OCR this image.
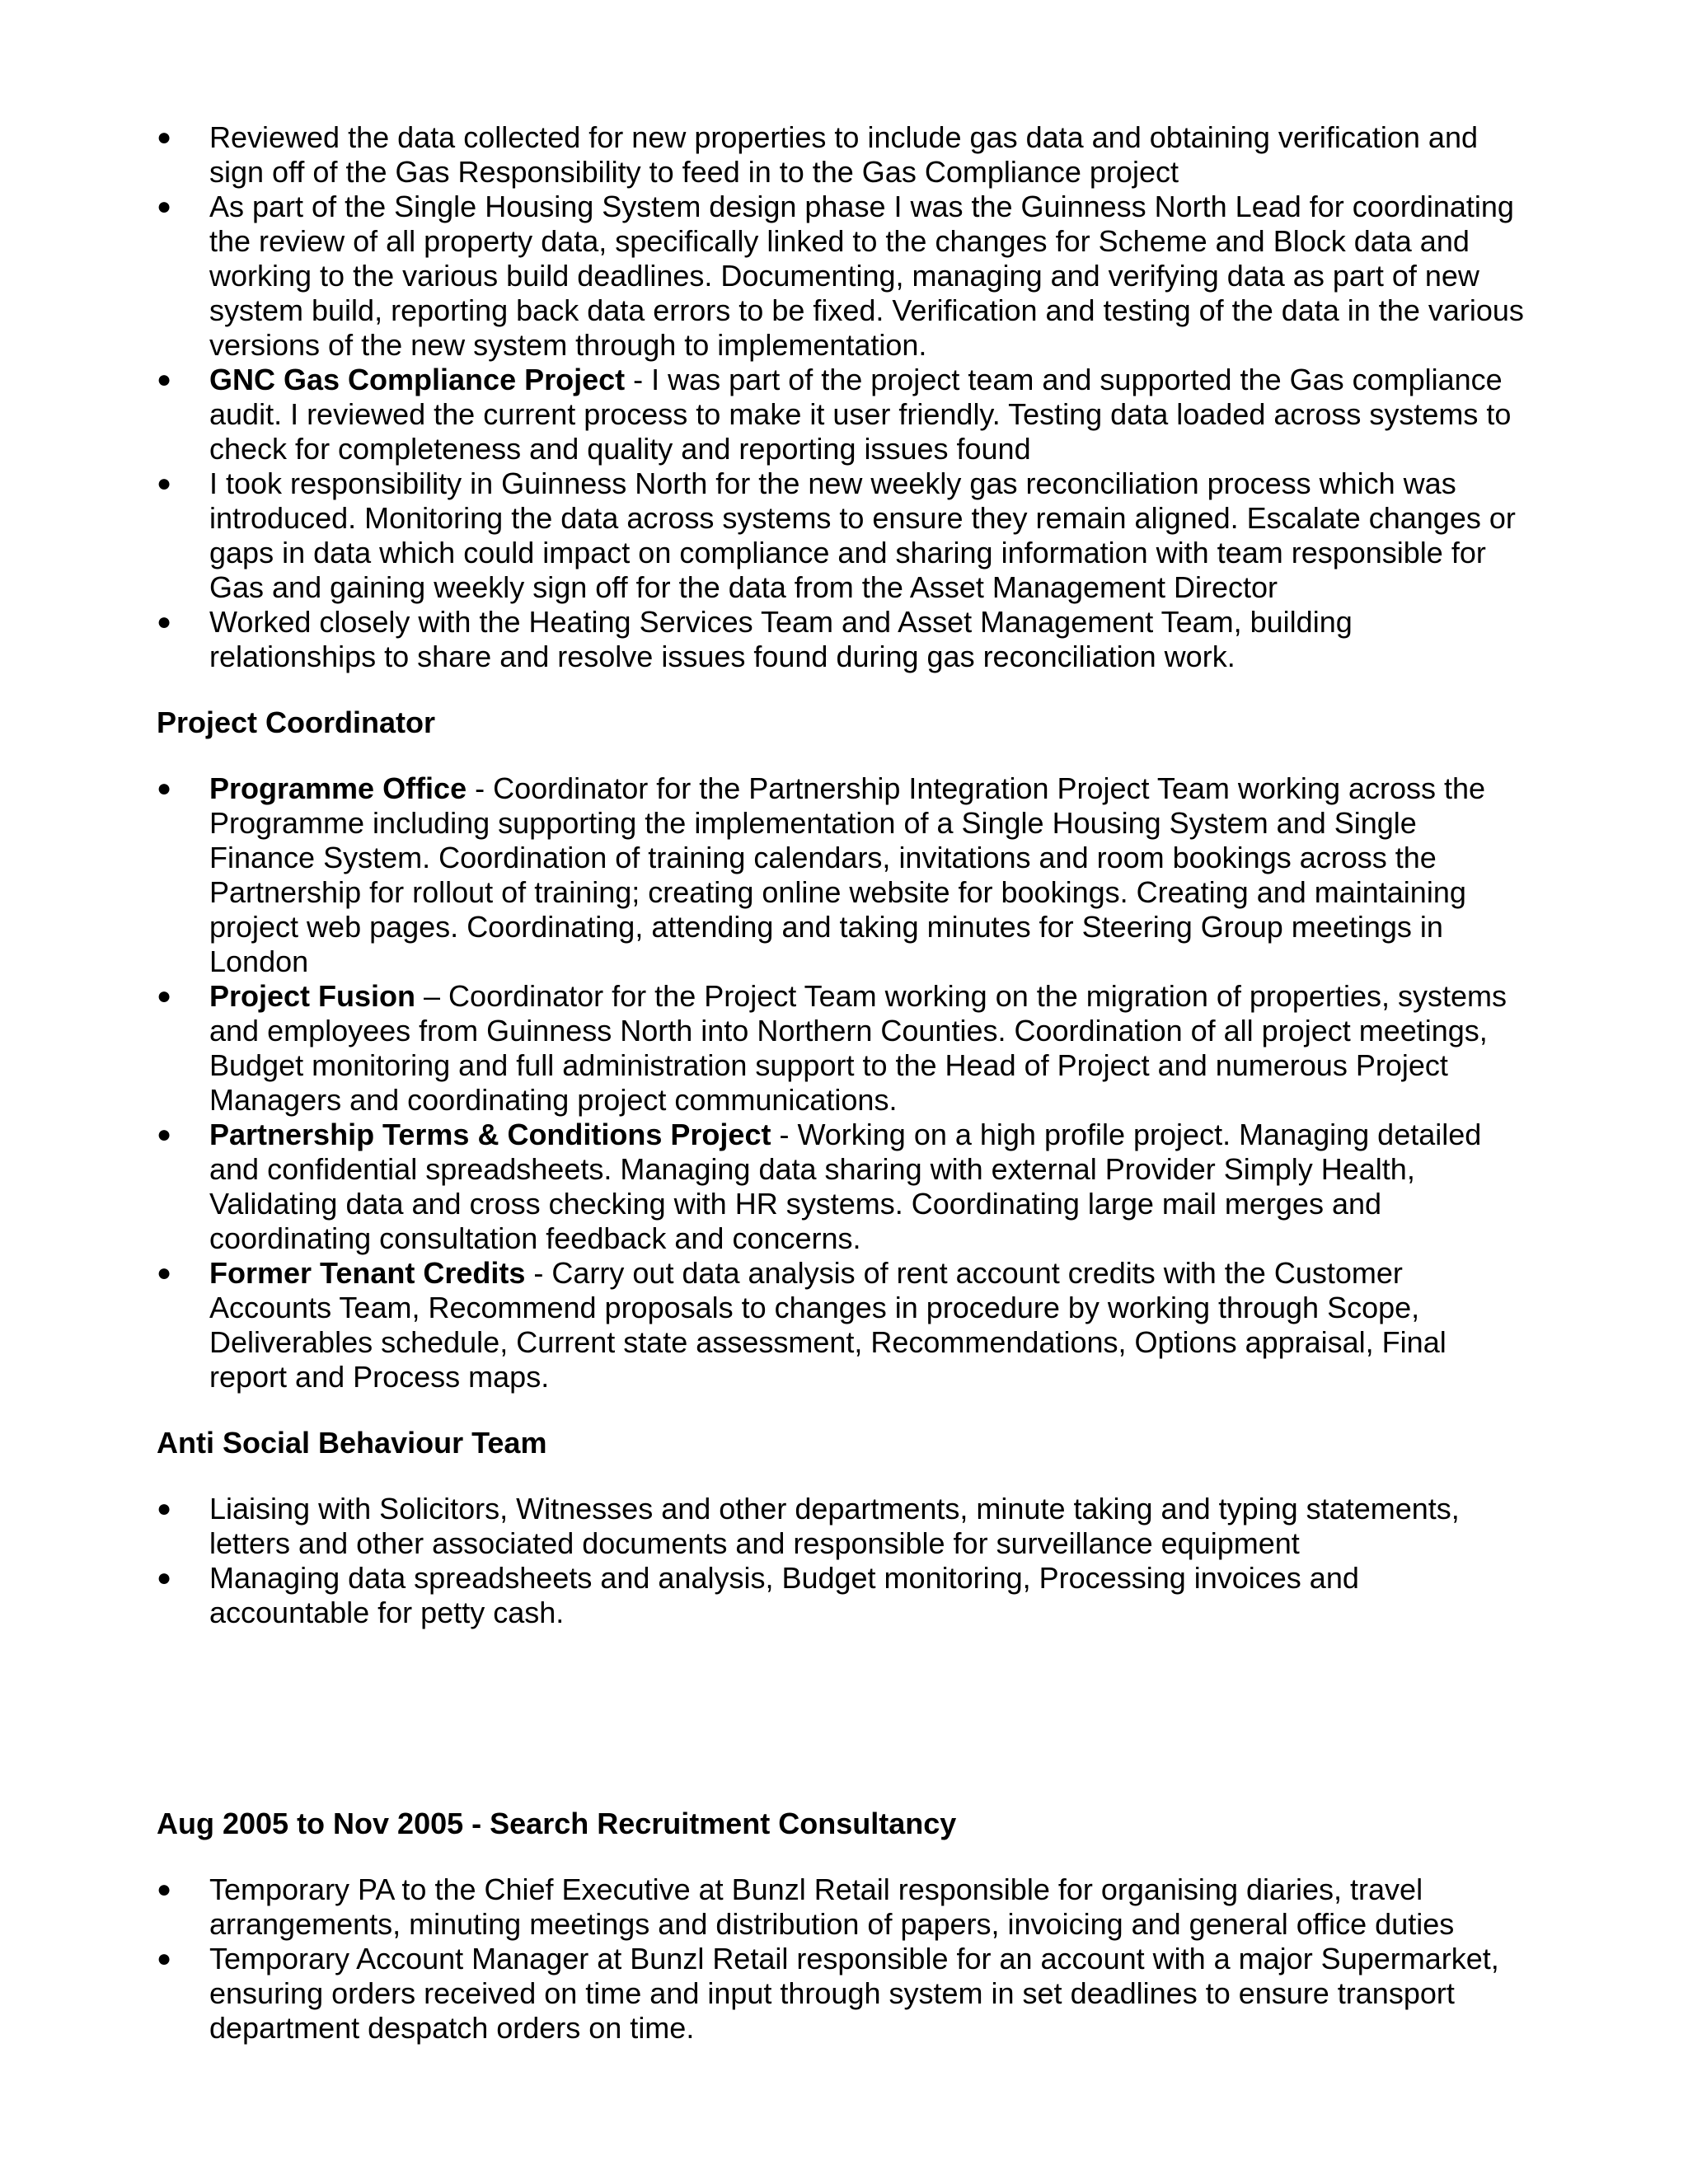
●	Reviewed the data collected for new properties to include gas data and obtaining verification and sign off of the Gas Responsibility to feed in to the Gas Compliance project
●	As part of the Single Housing System design phase I was the Guinness North Lead for coordinating the review of all property data, specifically linked to the changes for Scheme and Block data and working to the various build deadlines. Documenting, managing and verifying data as part of new system build, reporting back data errors to be fixed. Verification and testing of the data in the various versions of the new system through to implementation.
●	GNC Gas Compliance Project - I was part of the project team and supported the Gas compliance audit. I reviewed the current process to make it user friendly. Testing data loaded across systems to check for completeness and quality and reporting issues found
●	I took responsibility in Guinness North for the new weekly gas reconciliation process which was introduced. Monitoring the data across systems to ensure they remain aligned. Escalate changes or gaps in data which could impact on compliance and sharing information with team responsible for Gas and gaining weekly sign off for the data from the Asset Management Director
●	Worked closely with the Heating Services Team and Asset Management Team, building relationships to share and resolve issues found during gas reconciliation work.
Project Coordinator
●	Programme Office - Coordinator for the Partnership Integration Project Team working across the Programme including supporting the implementation of a Single Housing System and Single Finance System. Coordination of training calendars, invitations and room bookings across the Partnership for rollout of training; creating online website for bookings. Creating and maintaining project web pages. Coordinating, attending and taking minutes for Steering Group meetings in London
●	Project Fusion – Coordinator for the Project Team working on the migration of properties, systems and employees from Guinness North into Northern Counties. Coordination of all project meetings, Budget monitoring and full administration support to the Head of Project and numerous Project Managers and coordinating project communications.
●	Partnership Terms & Conditions Project - Working on a high profile project. Managing detailed and confidential spreadsheets. Managing data sharing with external Provider Simply Health, Validating data and cross checking with HR systems. Coordinating large mail merges and coordinating consultation feedback and concerns.
●	Former Tenant Credits - Carry out data analysis of rent account credits with the Customer Accounts Team, Recommend proposals to changes in procedure by working through Scope, Deliverables schedule, Current state assessment, Recommendations, Options appraisal, Final report and Process maps.
Anti Social Behaviour Team
●	Liaising with Solicitors, Witnesses and other departments, minute taking and typing statements, letters and other associated documents and responsible for surveillance equipment
●	Managing data spreadsheets and analysis, Budget monitoring, Processing invoices and accountable for petty cash.
Aug 2005 to Nov 2005 - Search Recruitment Consultancy
●	Temporary PA to the Chief Executive at Bunzl Retail responsible for organising diaries, travel arrangements, minuting meetings and distribution of papers, invoicing and general office duties
●	Temporary Account Manager at Bunzl Retail responsible for an account with a major Supermarket, ensuring orders received on time and input through system in set deadlines to ensure transport department despatch orders on time.
